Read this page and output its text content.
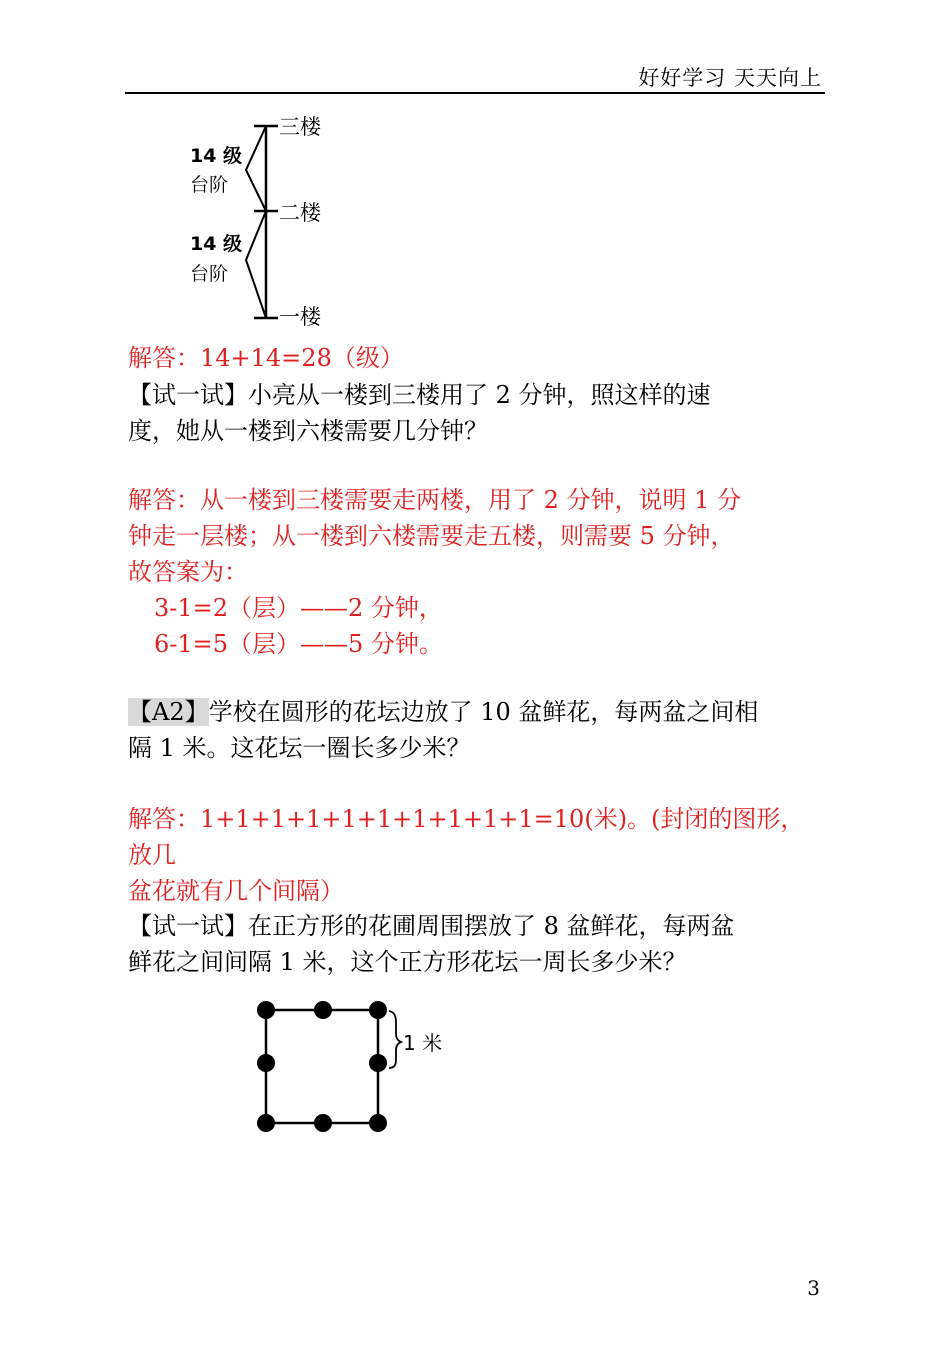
好好学习 天天向上
三楼
二楼
一楼
14 级
台阶
14 级
台阶
解答：14+14=28（级）
【试一试】小亮从一楼到三楼用了 2 分钟，照这样的速
度，她从一楼到六楼需要几分钟？
解答：从一楼到三楼需要走两楼，用了 2 分钟，说明 1 分
钟走一层楼；从一楼到六楼需要走五楼，则需要 5 分钟，
故答案为：
3-1=2（层）——2 分钟，
6-1=5（层）——5 分钟。
【A2】学校在圆形的花坛边放了 10 盆鲜花，每两盆之间相
隔 1 米。这花坛一圈长多少米？
解答：1+1+1+1+1+1+1+1+1+1=10(米)。(封闭的图形，放几
盆花就有几个间隔）
【试一试】在正方形的花圃周围摆放了 8 盆鲜花，每两盆
鲜花之间间隔 1 米，这个正方形花坛一周长多少米？
1 米
3
